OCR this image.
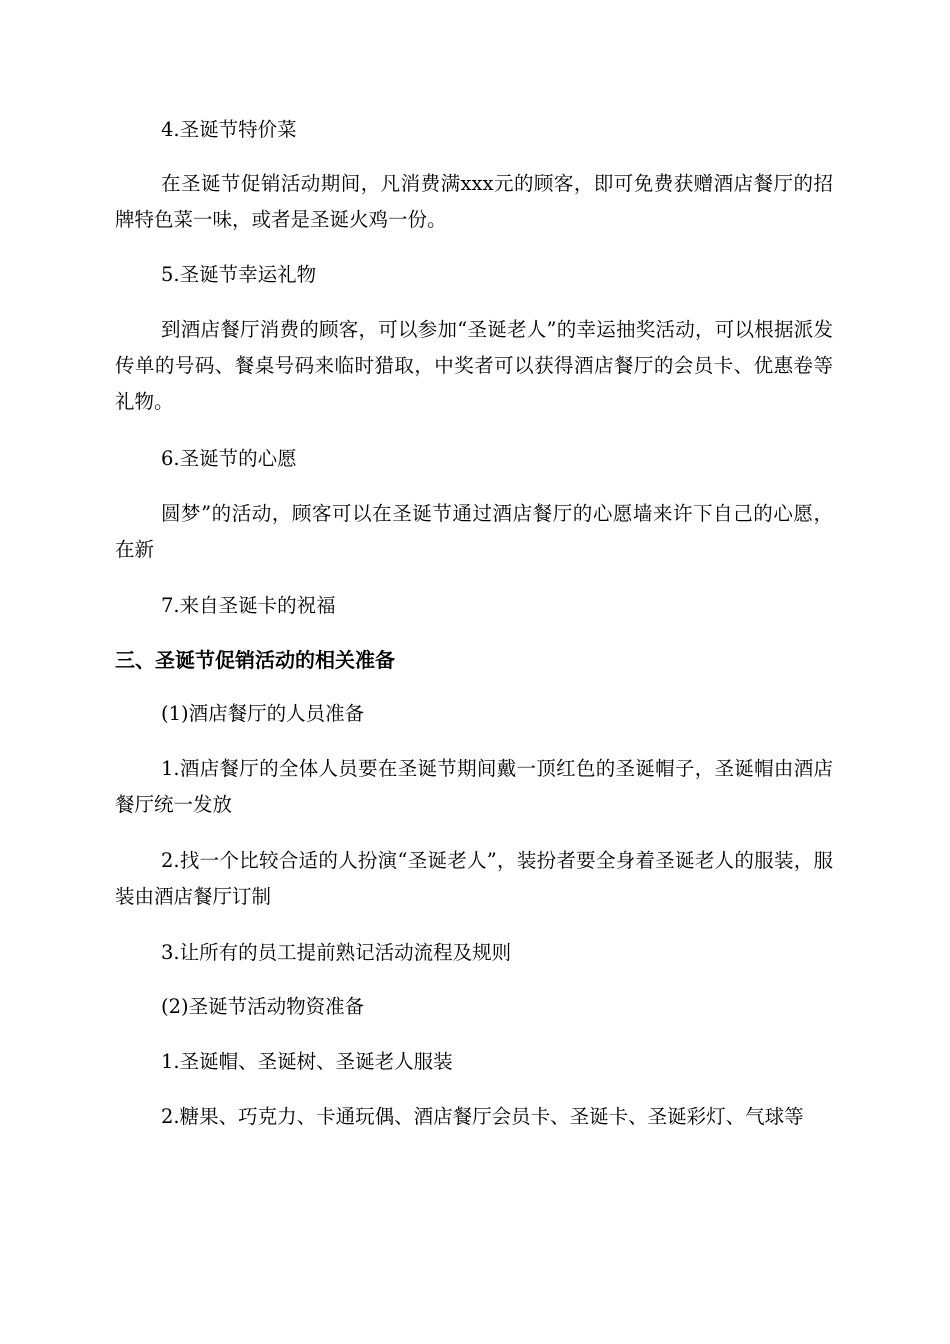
4.圣诞节特价菜

在圣诞节促销活动期间，凡消费满xxx元的顾客，即可免费获赠酒店餐厅的招牌特色菜一味，或者是圣诞火鸡一份。

5.圣诞节幸运礼物

到酒店餐厅消费的顾客，可以参加“圣诞老人”的幸运抽奖活动，可以根据派发传单的号码、餐桌号码来临时猎取，中奖者可以获得酒店餐厅的会员卡、优惠卷等礼物。

6.圣诞节的心愿

圆梦”的活动，顾客可以在圣诞节通过酒店餐厅的心愿墙来许下自己的心愿，在新

7.来自圣诞卡的祝福

三、圣诞节促销活动的相关准备

(1)酒店餐厅的人员准备

1.酒店餐厅的全体人员要在圣诞节期间戴一顶红色的圣诞帽子，圣诞帽由酒店餐厅统一发放

2.找一个比较合适的人扮演“圣诞老人”，装扮者要全身着圣诞老人的服装，服装由酒店餐厅订制

3.让所有的员工提前熟记活动流程及规则

(2)圣诞节活动物资准备

1.圣诞帽、圣诞树、圣诞老人服装

2.糖果、巧克力、卡通玩偶、酒店餐厅会员卡、圣诞卡、圣诞彩灯、气球等
